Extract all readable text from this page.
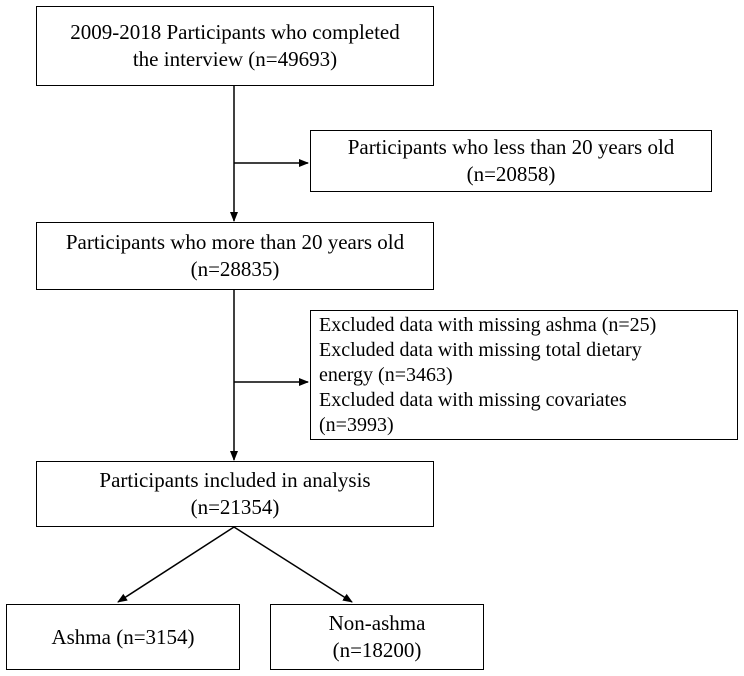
2009-2018 Participants who completed
the interview (n=49693)
Participants who less than 20 years old
(n=20858)
Participants who more than 20 years old
(n=28835)
Excluded data with missing ashma (n=25)
Excluded data with missing total dietary
energy (n=3463)
Excluded data with missing covariates
(n=3993)
Participants included in analysis
(n=21354)
Ashma (n=3154)
Non-ashma
(n=18200)
